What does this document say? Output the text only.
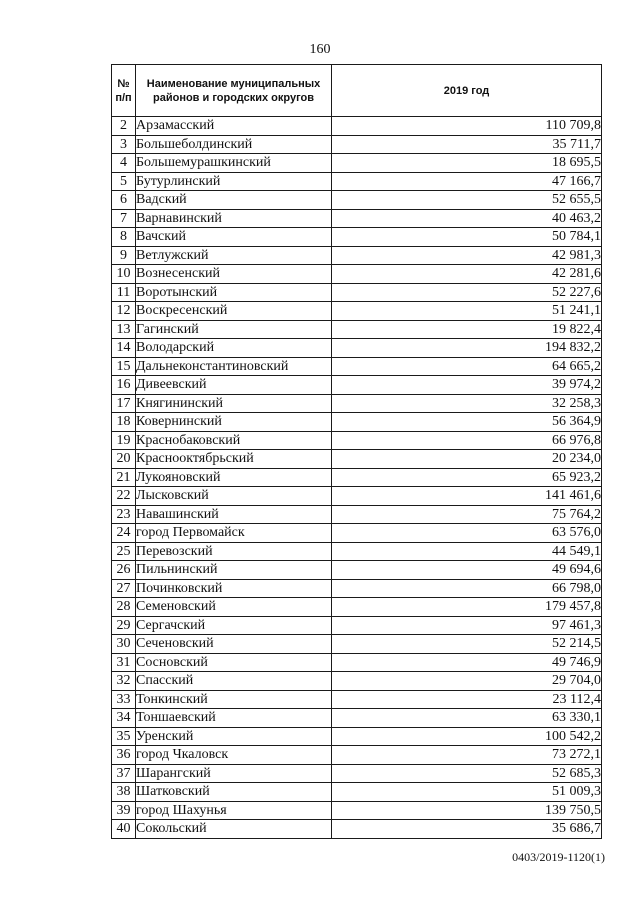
160
№ п/п	Наименование муниципальных районов и городских округов	2019 год
2	Арзамасский	110 709,8
3	Большеболдинский	35 711,7
4	Большемурашкинский	18 695,5
5	Бутурлинский	47 166,7
6	Вадский	52 655,5
7	Варнавинский	40 463,2
8	Вачский	50 784,1
9	Ветлужский	42 981,3
10	Вознесенский	42 281,6
11	Воротынский	52 227,6
12	Воскресенский	51 241,1
13	Гагинский	19 822,4
14	Володарский	194 832,2
15	Дальнеконстантиновский	64 665,2
16	Дивеевский	39 974,2
17	Княгининский	32 258,3
18	Ковернинский	56 364,9
19	Краснобаковский	66 976,8
20	Краснооктябрьский	20 234,0
21	Лукояновский	65 923,2
22	Лысковский	141 461,6
23	Навашинский	75 764,2
24	город Первомайск	63 576,0
25	Перевозский	44 549,1
26	Пильнинский	49 694,6
27	Починковский	66 798,0
28	Семеновский	179 457,8
29	Сергачский	97 461,3
30	Сеченовский	52 214,5
31	Сосновский	49 746,9
32	Спасский	29 704,0
33	Тонкинский	23 112,4
34	Тоншаевский	63 330,1
35	Уренский	100 542,2
36	город Чкаловск	73 272,1
37	Шарангский	52 685,3
38	Шатковский	51 009,3
39	город Шахунья	139 750,5
40	Сокольский	35 686,7
0403/2019-1120(1)
